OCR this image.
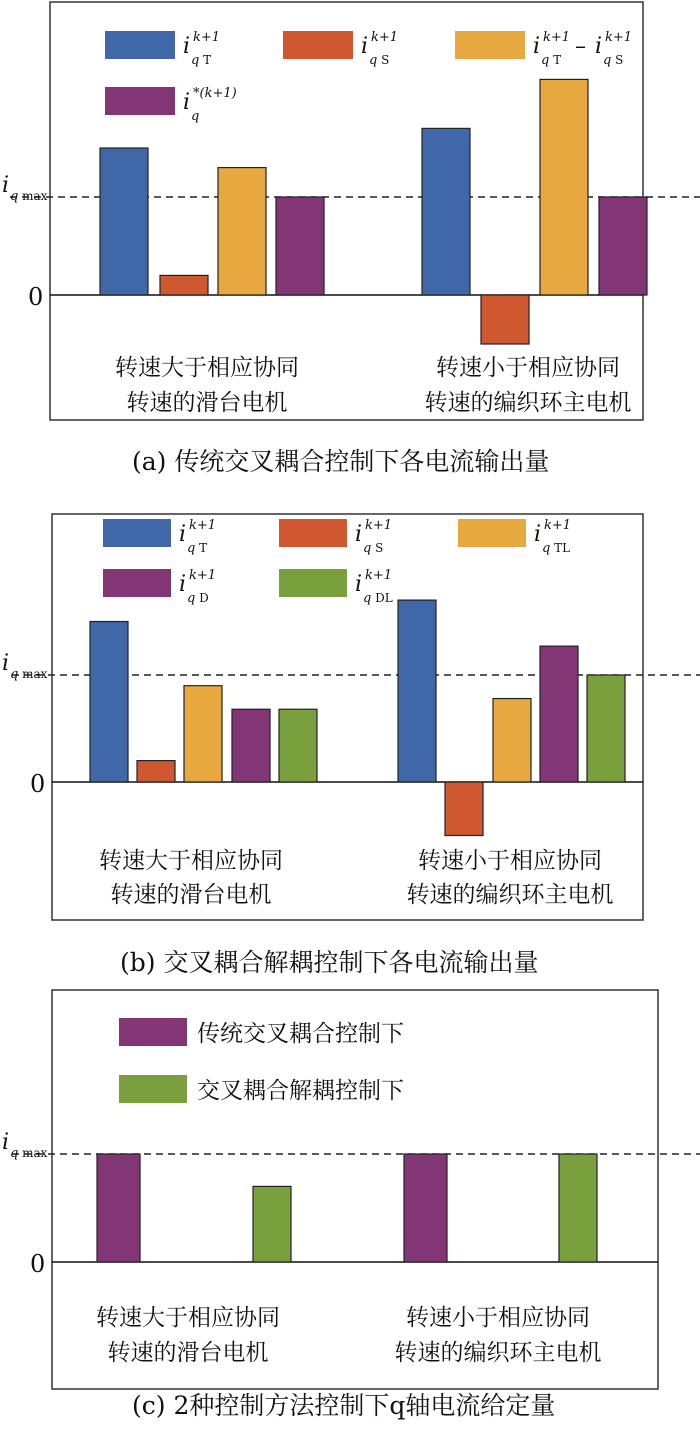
0
i q max
转速大于相应协同
转速的滑台电机
转速小于相应协同
转速的编织环主电机
i k+1
q T
i k+1
q S
i k+1
q T
– i k+1
q S
i *(k+1)
q
(a) 传统交叉耦合控制下各电流输出量
0
i q max
转速大于相应协同
转速的滑台电机
转速小于相应协同
转速的编织环主电机
i k+1
q T
i k+1
q S
i k+1
q TL
i k+1
q D
i k+1
q DL
(b) 交叉耦合解耦控制下各电流输出量
0
i q max
转速大于相应协同
转速的滑台电机
转速小于相应协同
转速的编织环主电机
传统交叉耦合控制下
交叉耦合解耦控制下
(c) 2种控制方法控制下q轴电流给定量
